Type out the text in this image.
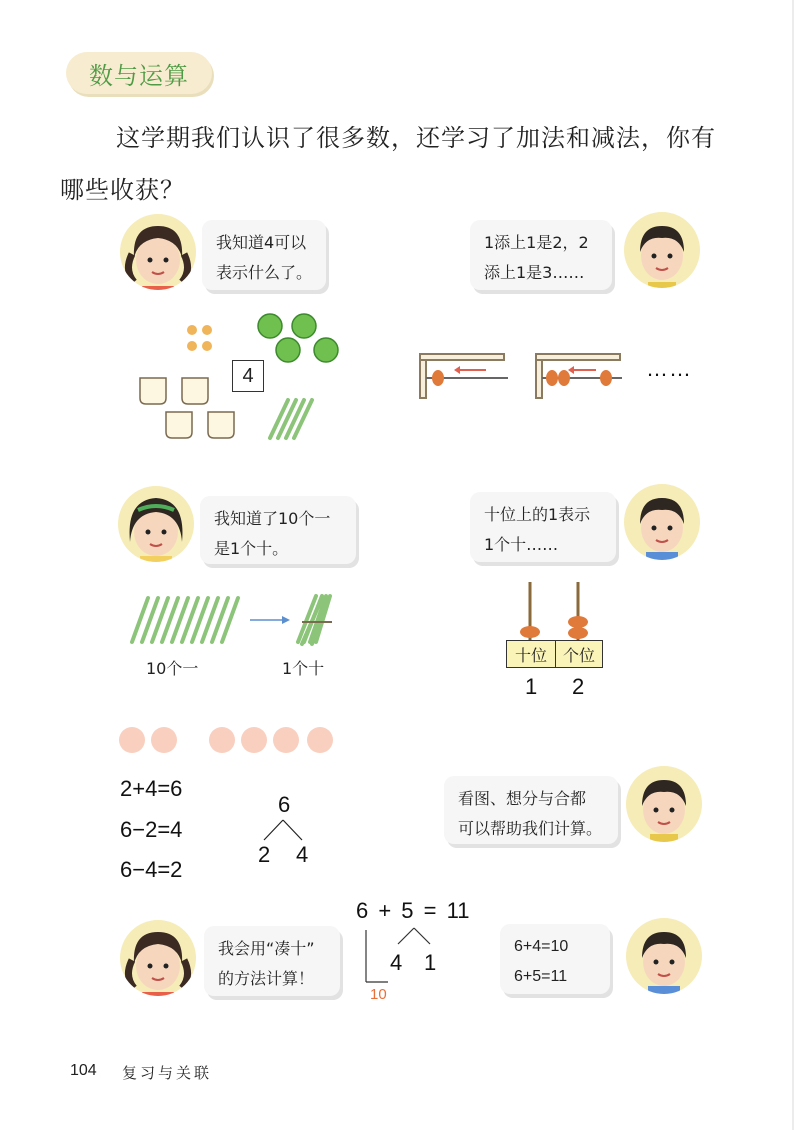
数与运算
这学期我们认识了很多数，还学习了加法和减法，你有哪些收获？
我知道4可以
表示什么了。
1添上1是2，2
添上1是3……
4	……
我知道了10个一
是1个十。
十位上的1表示
1个十……
10个一	1个十
十位 个位
1 2
2+4=6
6−2=4
6−4=2
6
2 4
看图、想分与合都
可以帮助我们计算。
我会用“凑十”
的方法计算！
6 + 5 = 11
4 1
10
6+4=10
6+5=11
104 复习与关联
